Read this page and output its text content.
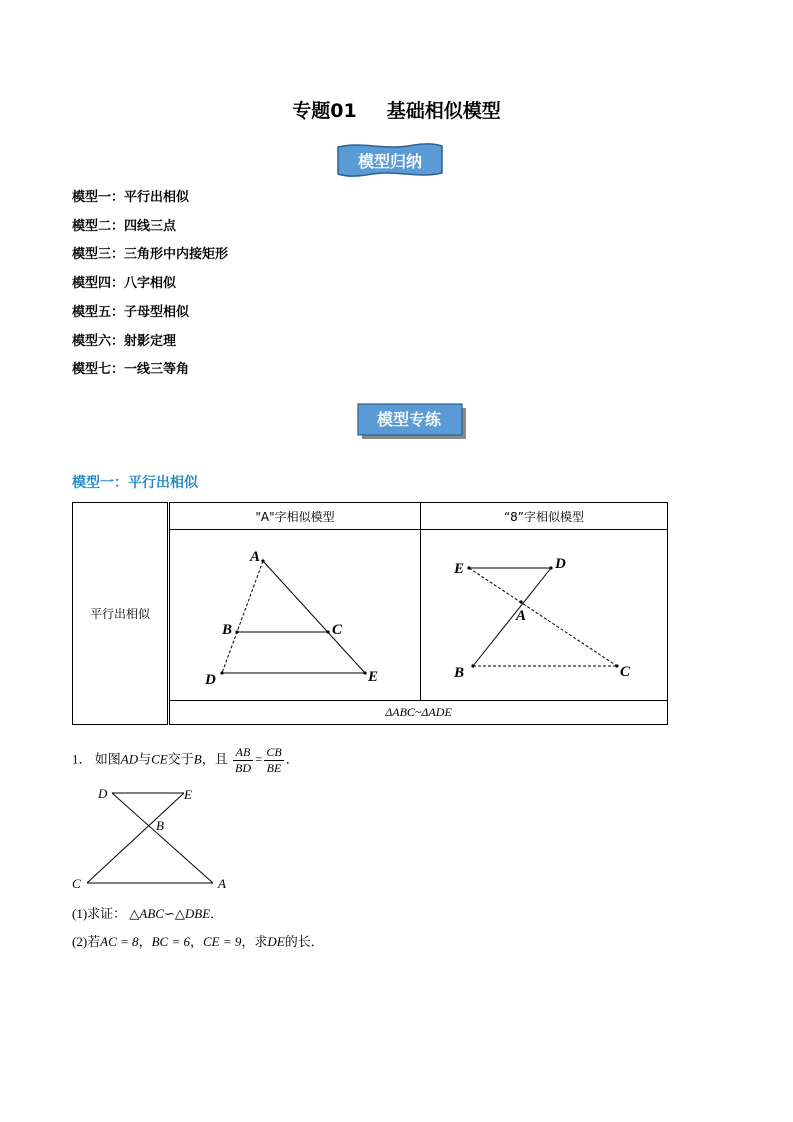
专题01 基础相似模型
模型归纳
模型一：平行出相似
模型二：四线三点
模型三：三角形中内接矩形
模型四：八字相似
模型五：子母型相似
模型六：射影定理
模型七：一线三等角
模型专练
模型一：平行出相似
平行出相似	"A"字相似模型	“8”字相似模型

A
B C
D E	E D
A
B C

	ΔABC~ΔADE	
1． 如图AD与CE交于B，且 $\frac{AB}{BD} = \frac{CB}{BE}$ ．
D	E
B
C	A
(1)求证： △ABC∽△DBE．
(2)若AC = 8，BC = 6，CE = 9，求DE的长．
